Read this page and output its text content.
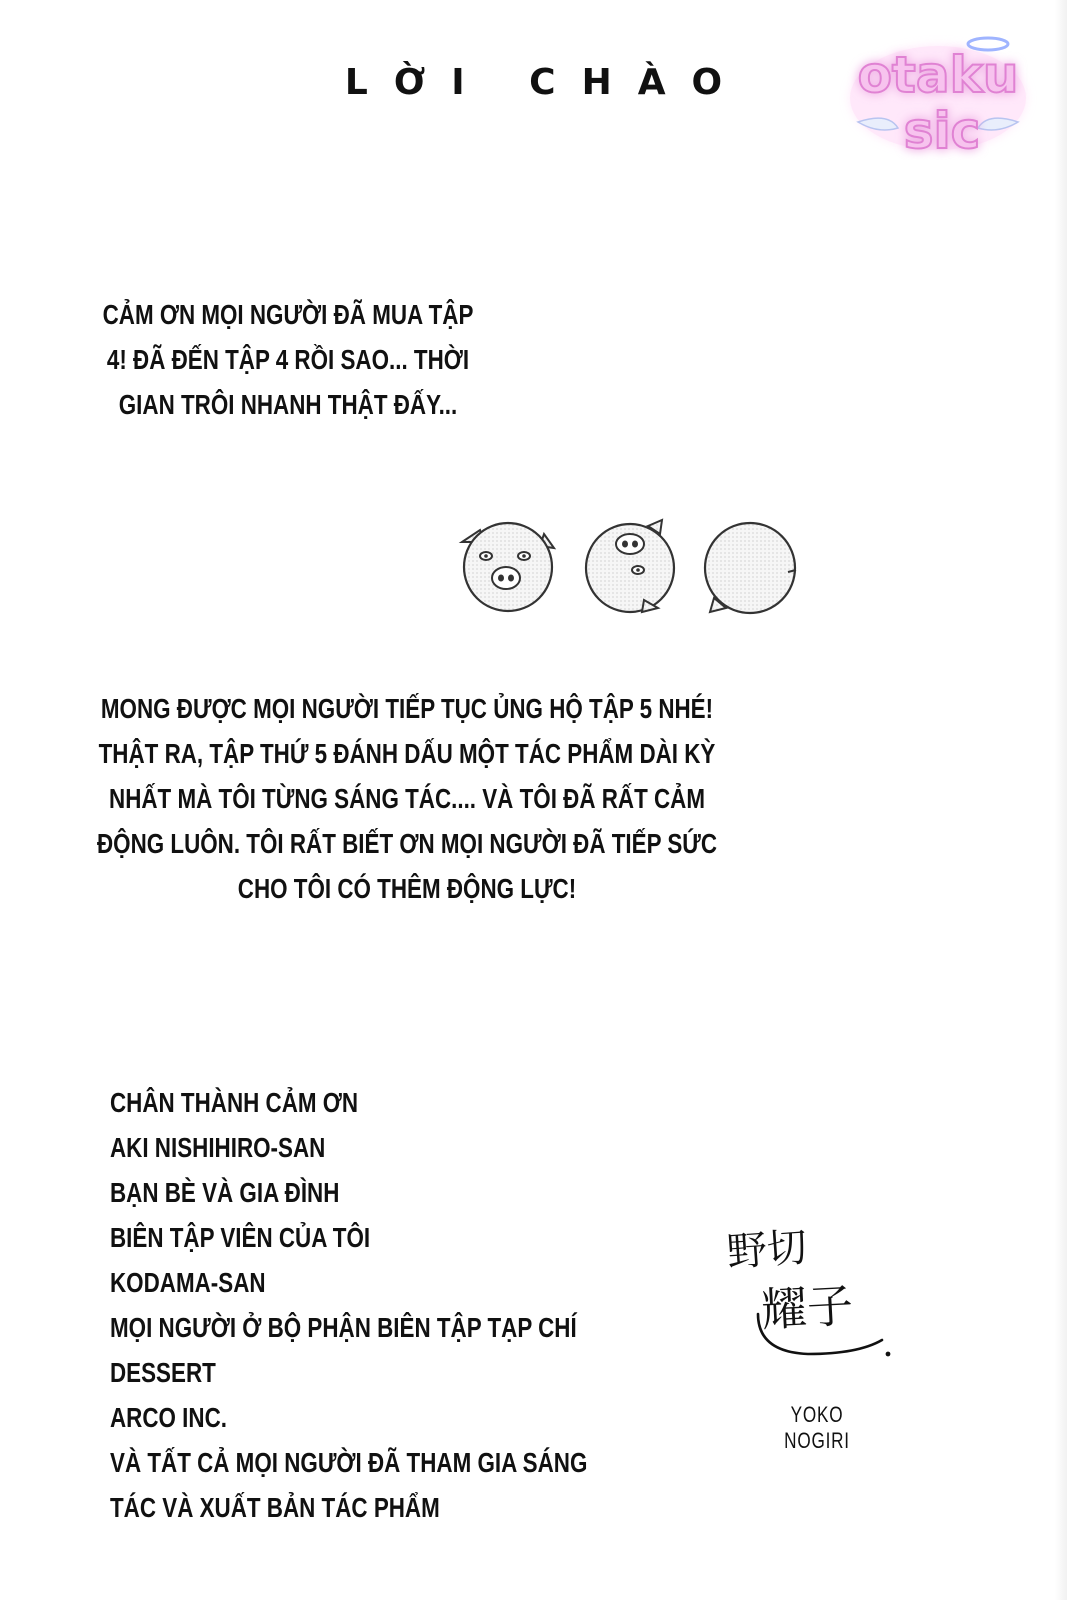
LỜI CHÀO	otaku
sic
CẢM ƠN MỌI NGƯỜI ĐÃ MUA TẬP
4! ĐÃ ĐẾN TẬP 4 RỒI SAO... THỜI
GIAN TRÔI NHANH THẬT ĐẤY...
MONG ĐƯỢC MỌI NGƯỜI TIẾP TỤC ỦNG HỘ TẬP 5 NHÉ!
THẬT RA, TẬP THỨ 5 ĐÁNH DẤU MỘT TÁC PHẨM DÀI KỲ
NHẤT MÀ TÔI TỪNG SÁNG TÁC.... VÀ TÔI ĐÃ RẤT CẢM
ĐỘNG LUÔN. TÔI RẤT BIẾT ƠN MỌI NGƯỜI ĐÃ TIẾP SỨC
CHO TÔI CÓ THÊM ĐỘNG LỰC!
CHÂN THÀNH CẢM ƠN
AKI NISHIHIRO-SAN
BẠN BÈ VÀ GIA ĐÌNH
BIÊN TẬP VIÊN CỦA TÔI
KODAMA-SAN
MỌI NGƯỜI Ở BỘ PHẬN BIÊN TẬP TẠP CHÍ
DESSERT
ARCO INC.
VÀ TẤT CẢ MỌI NGƯỜI ĐÃ THAM GIA SÁNG
TÁC VÀ XUẤT BẢN TÁC PHẨM
野切
耀子
YOKO NOGIRI
